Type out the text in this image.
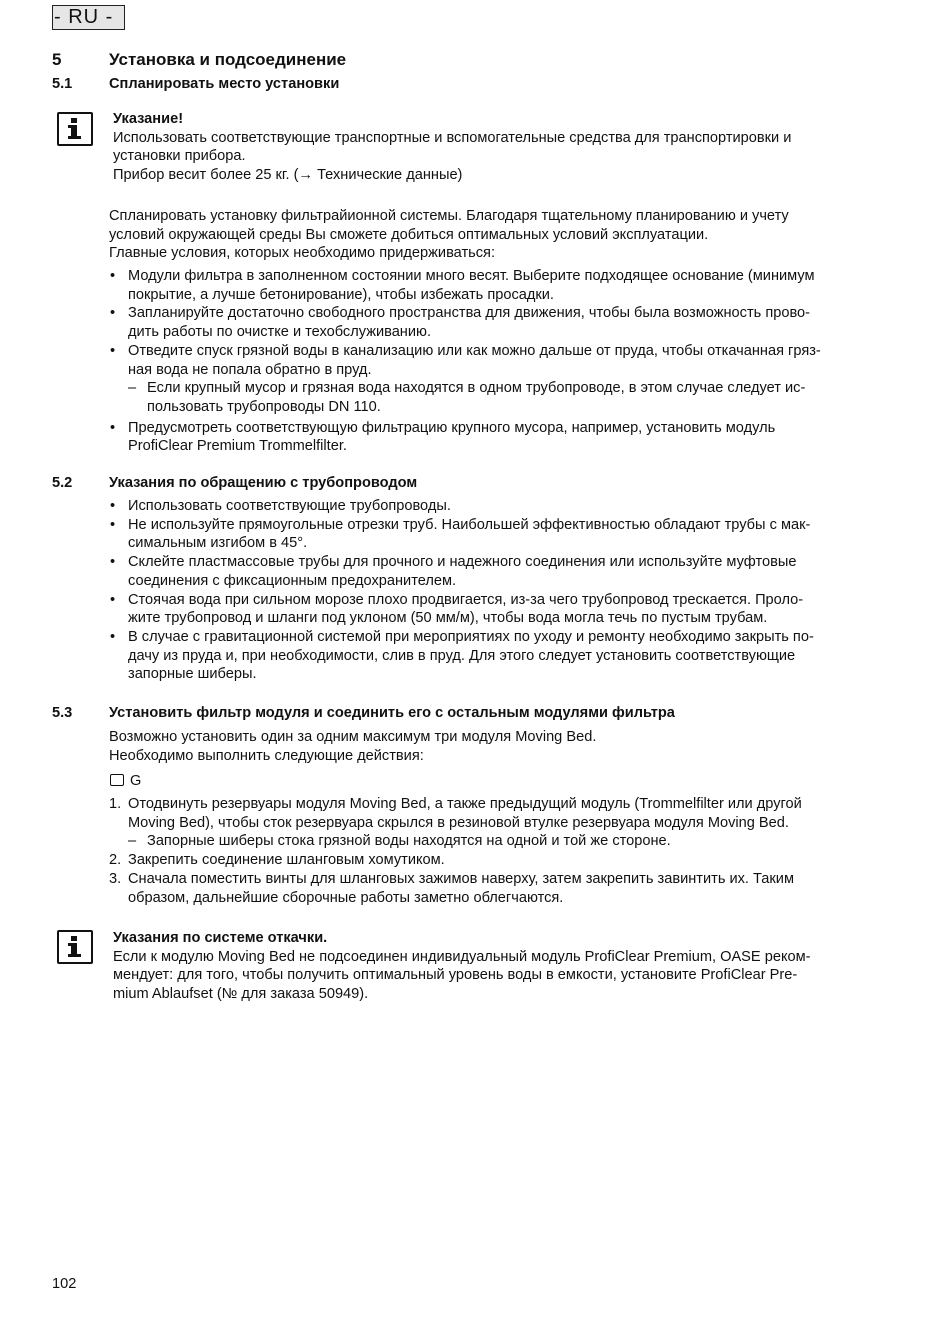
- RU -
5	Установка и подсоединение
5.1	Спланировать место установки
Указание!
Использовать соответствующие транспортные и вспомогательные средства для транспортировки и
установки прибора.
Прибор весит более 25 кг. (→ Технические данные)
Спланировать установку фильтрайионной системы. Благодаря тщательному планированию и учету
условий окружающей среды Вы сможете добиться оптимальных условий эксплуатации.
Главные условия, которых необходимо придерживаться:
• Модули фильтра в заполненном состоянии много весят. Выберите подходящее основание (минимум
покрытие, а лучше бетонирование), чтобы избежать просадки.
• Запланируйте достаточно свободного пространства для движения, чтобы была возможность прово-
дить работы по очистке и техобслуживанию.
• Отведите спуск грязной воды в канализацию или как можно дальше от пруда, чтобы откачанная гряз-
ная вода не попала обратно в пруд.
– Если крупный мусор и грязная вода находятся в одном трубопроводе, в этом случае следует ис-
пользовать трубопроводы DN 110.
• Предусмотреть соответствующую фильтрацию крупного мусора, например, установить модуль
ProfiClear Premium Trommelfilter.
5.2	Указания по обращению с трубопроводом
• Использовать соответствующие трубопроводы.
• Не используйте прямоугольные отрезки труб. Наибольшей эффективностью обладают трубы с мак-
симальным изгибом в 45°.
• Склейте пластмассовые трубы для прочного и надежного соединения или используйте муфтовые
соединения с фиксационным предохранителем.
• Стоячая вода при сильном морозе плохо продвигается, из-за чего трубопровод трескается. Проло-
жите трубопровод и шланги под уклоном (50 мм/м), чтобы вода могла течь по пустым трубам.
• В случае с гравитационной системой при мероприятиях по уходу и ремонту необходимо закрыть по-
дачу из пруда и, при необходимости, слив в пруд. Для этого следует установить соответствующие
запорные шиберы.
5.3	Установить фильтр модуля и соединить его с остальным модулями фильтра
Возможно установить один за одним максимум три модуля Moving Bed.
Необходимо выполнить следующие действия:
G
1. Отодвинуть резервуары модуля Moving Bed, а также предыдущий модуль (Trommelfilter или другой
Moving Bed), чтобы сток резервуара скрылся в резиновой втулке резервуара модуля Moving Bed.
– Запорные шиберы стока грязной воды находятся на одной и той же стороне.
2. Закрепить соединение шланговым хомутиком.
3. Сначала поместить винты для шланговых зажимов наверху, затем закрепить завинтить их. Таким
образом, дальнейшие сборочные работы заметно облегчаются.
Указания по системе откачки.
Если к модулю Moving Bed не подсоединен индивидуальный модуль ProfiClear Premium, OASE реком-
мендует: для того, чтобы получить оптимальный уровень воды в емкости, установите ProfiClear Pre-
mium Ablaufset (№ для заказа 50949).
102
